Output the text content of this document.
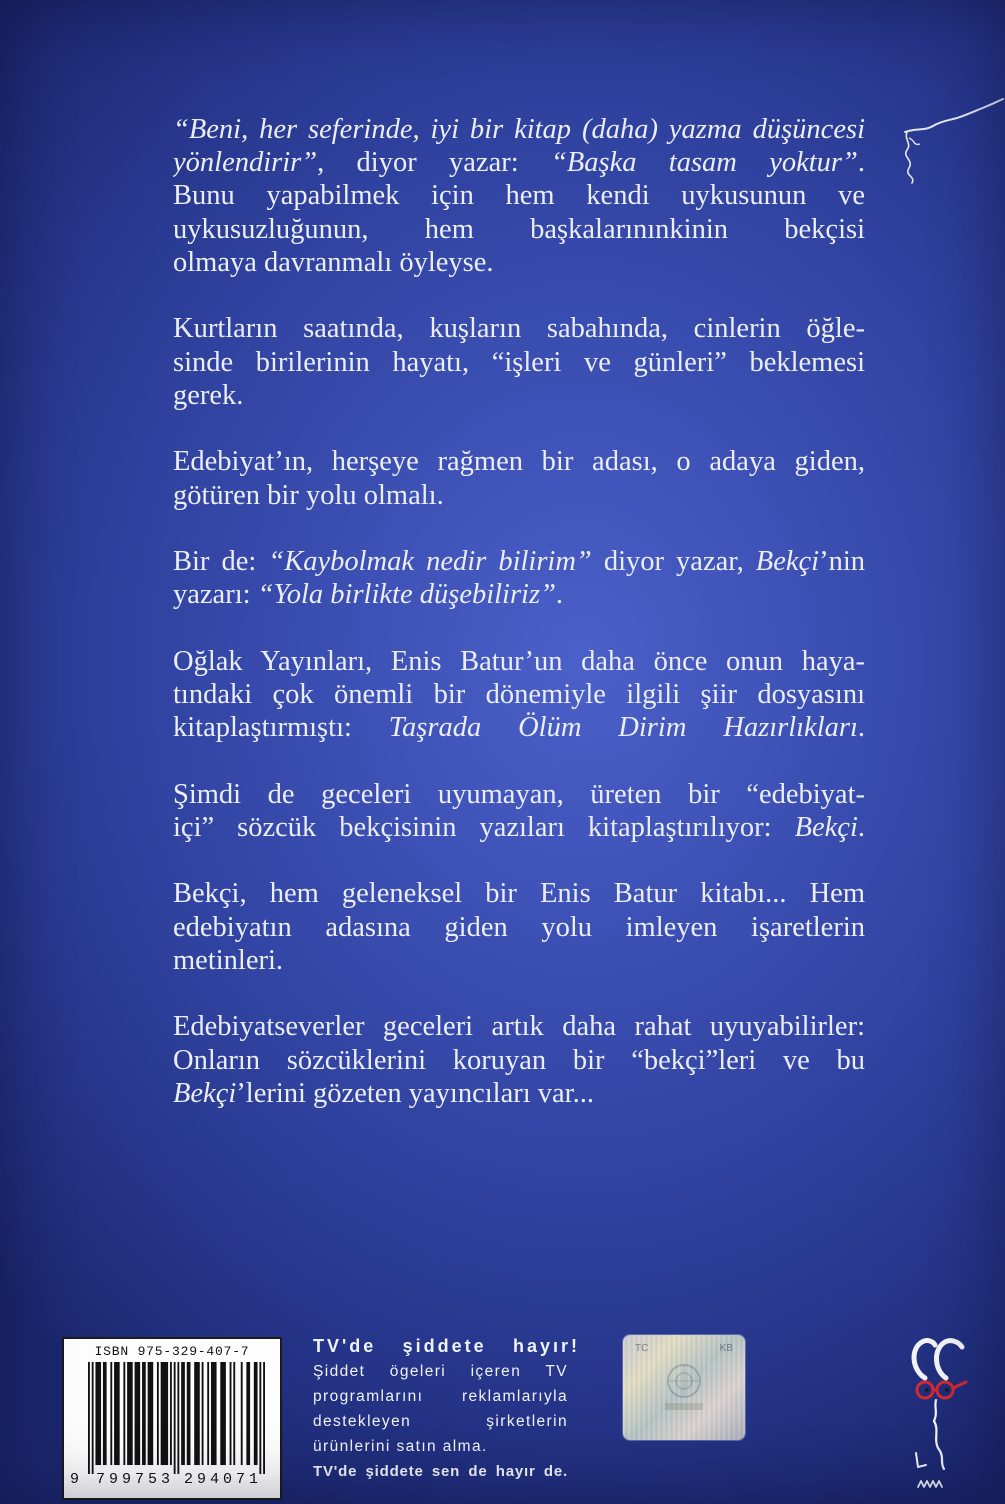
“Beni, her seferinde, iyi bir kitap (daha) yazma düşüncesi
yönlendirir”, diyor yazar: “Başka tasam yoktur”.
Bunu yapabilmek için hem kendi uykusunun ve
uykusuzluğunun, hem başkalarınınkinin bekçisi
olmaya davranmalı öyleyse.
Kurtların saatında, kuşların sabahında, cinlerin öğle-
sinde birilerinin hayatı, “işleri ve günleri” beklemesi
gerek.
Edebiyat’ın, herşeye rağmen bir adası, o adaya giden,
götüren bir yolu olmalı.
Bir de: “Kaybolmak nedir bilirim” diyor yazar, Bekçi’nin
yazarı: “Yola birlikte düşebiliriz”.
Oğlak Yayınları, Enis Batur’un daha önce onun haya-
tındaki çok önemli bir dönemiyle ilgili şiir dosyasını
kitaplaştırmıştı: Taşrada Ölüm Dirim Hazırlıkları.
Şimdi de geceleri uyumayan, üreten bir “edebiyat-
içi” sözcük bekçisinin yazıları kitaplaştırılıyor: Bekçi.
Bekçi, hem geleneksel bir Enis Batur kitabı... Hem
edebiyatın adasına giden yolu imleyen işaretlerin
metinleri.
Edebiyatseverler geceleri artık daha rahat uyuyabilirler:
Onların sözcüklerini koruyan bir “bekçi”leri ve bu
Bekçi’lerini gözeten yayıncıları var...
ISBN 975-329-407-7
9 799753 294071
TV'de şiddete hayır!
Şiddet ögeleri içeren TV
programlarını reklamlarıyla
destekleyen şirketlerin
ürünlerini satın alma.
TV'de şiddete sen de hayır de.
TC	KB
